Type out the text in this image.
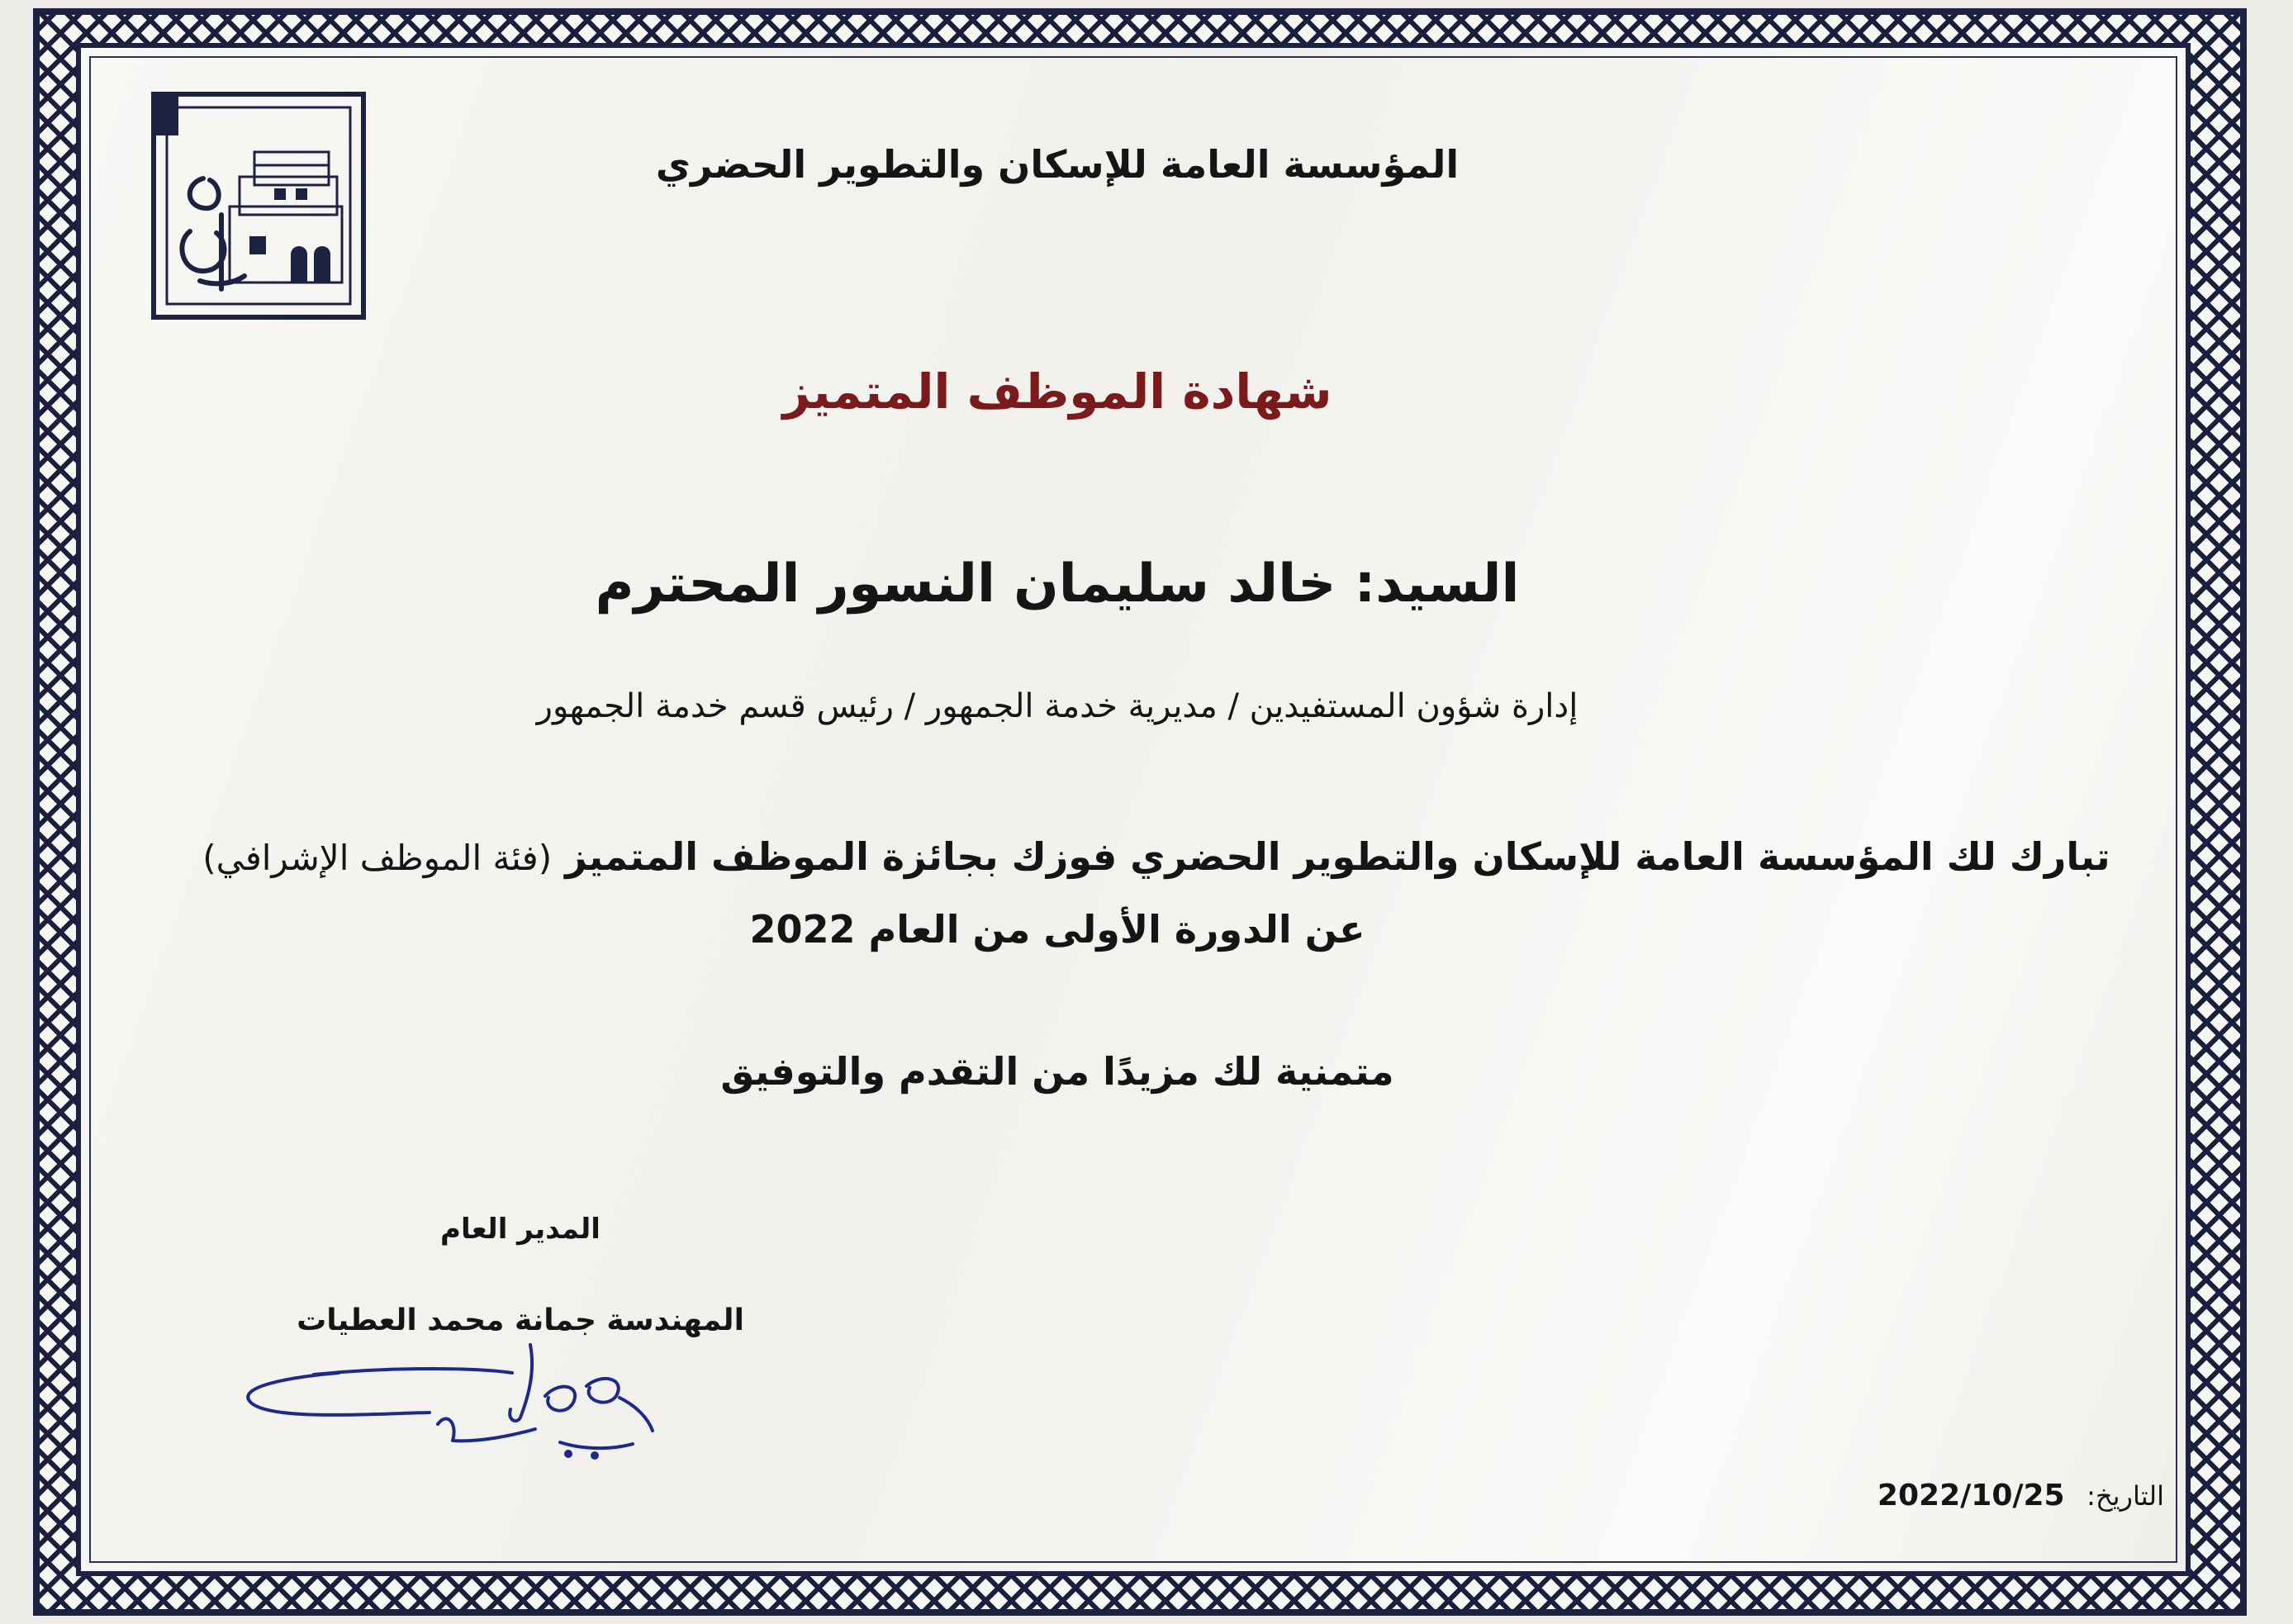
المؤسسة العامة للإسكان والتطوير الحضري
شهادة الموظف المتميز
السيد: خالد سليمان النسور المحترم
إدارة شؤون المستفيدين / مديرية خدمة الجمهور / رئيس قسم خدمة الجمهور
تبارك لك المؤسسة العامة للإسكان والتطوير الحضري فوزك بجائزة الموظف المتميز (فئة الموظف الإشرافي)
عن الدورة الأولى من العام 2022
متمنية لك مزيدًا من التقدم والتوفيق
المدير العام
المهندسة جمانة محمد العطيات
2022/10/25 التاريخ:
